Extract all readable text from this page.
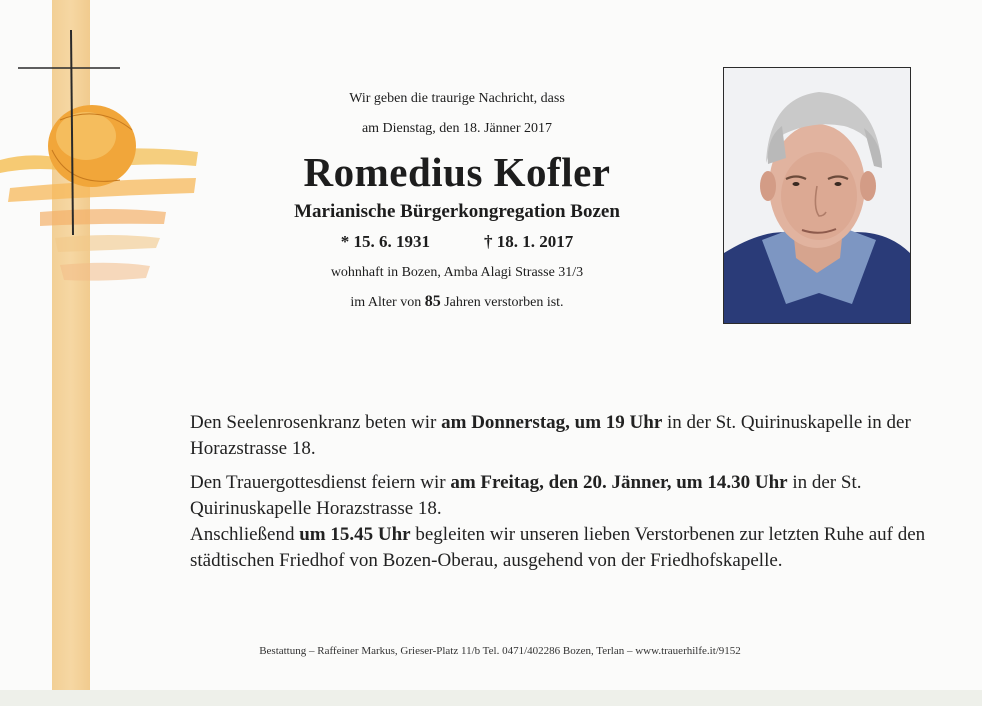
Wir geben die traurige Nachricht, dass
am Dienstag, den 18. Jänner 2017
Romedius Kofler
Marianische Bürgerkongregation Bozen
* 15. 6. 1931	† 18. 1. 2017
wohnhaft in Bozen, Amba Alagi Strasse 31/3
im Alter von 85 Jahren verstorben ist.

Den Seelenrosenkranz beten wir am Donnerstag, um 19 Uhr in der St. Quirinuskapelle in der Horazstrasse 18.

Den Trauergottesdienst feiern wir am Freitag, den 20. Jänner, um 14.30 Uhr in der St. Quirinuskapelle Horazstrasse 18.

Anschließend um 15.45 Uhr begleiten wir unseren lieben Verstorbenen zur letzten Ruhe auf den städtischen Friedhof von Bozen-Oberau, ausgehend von der Friedhofskapelle.

Bestattung – Raffeiner Markus, Grieser-Platz 11/b Tel. 0471/402286 Bozen, Terlan – www.trauerhilfe.it/9152
